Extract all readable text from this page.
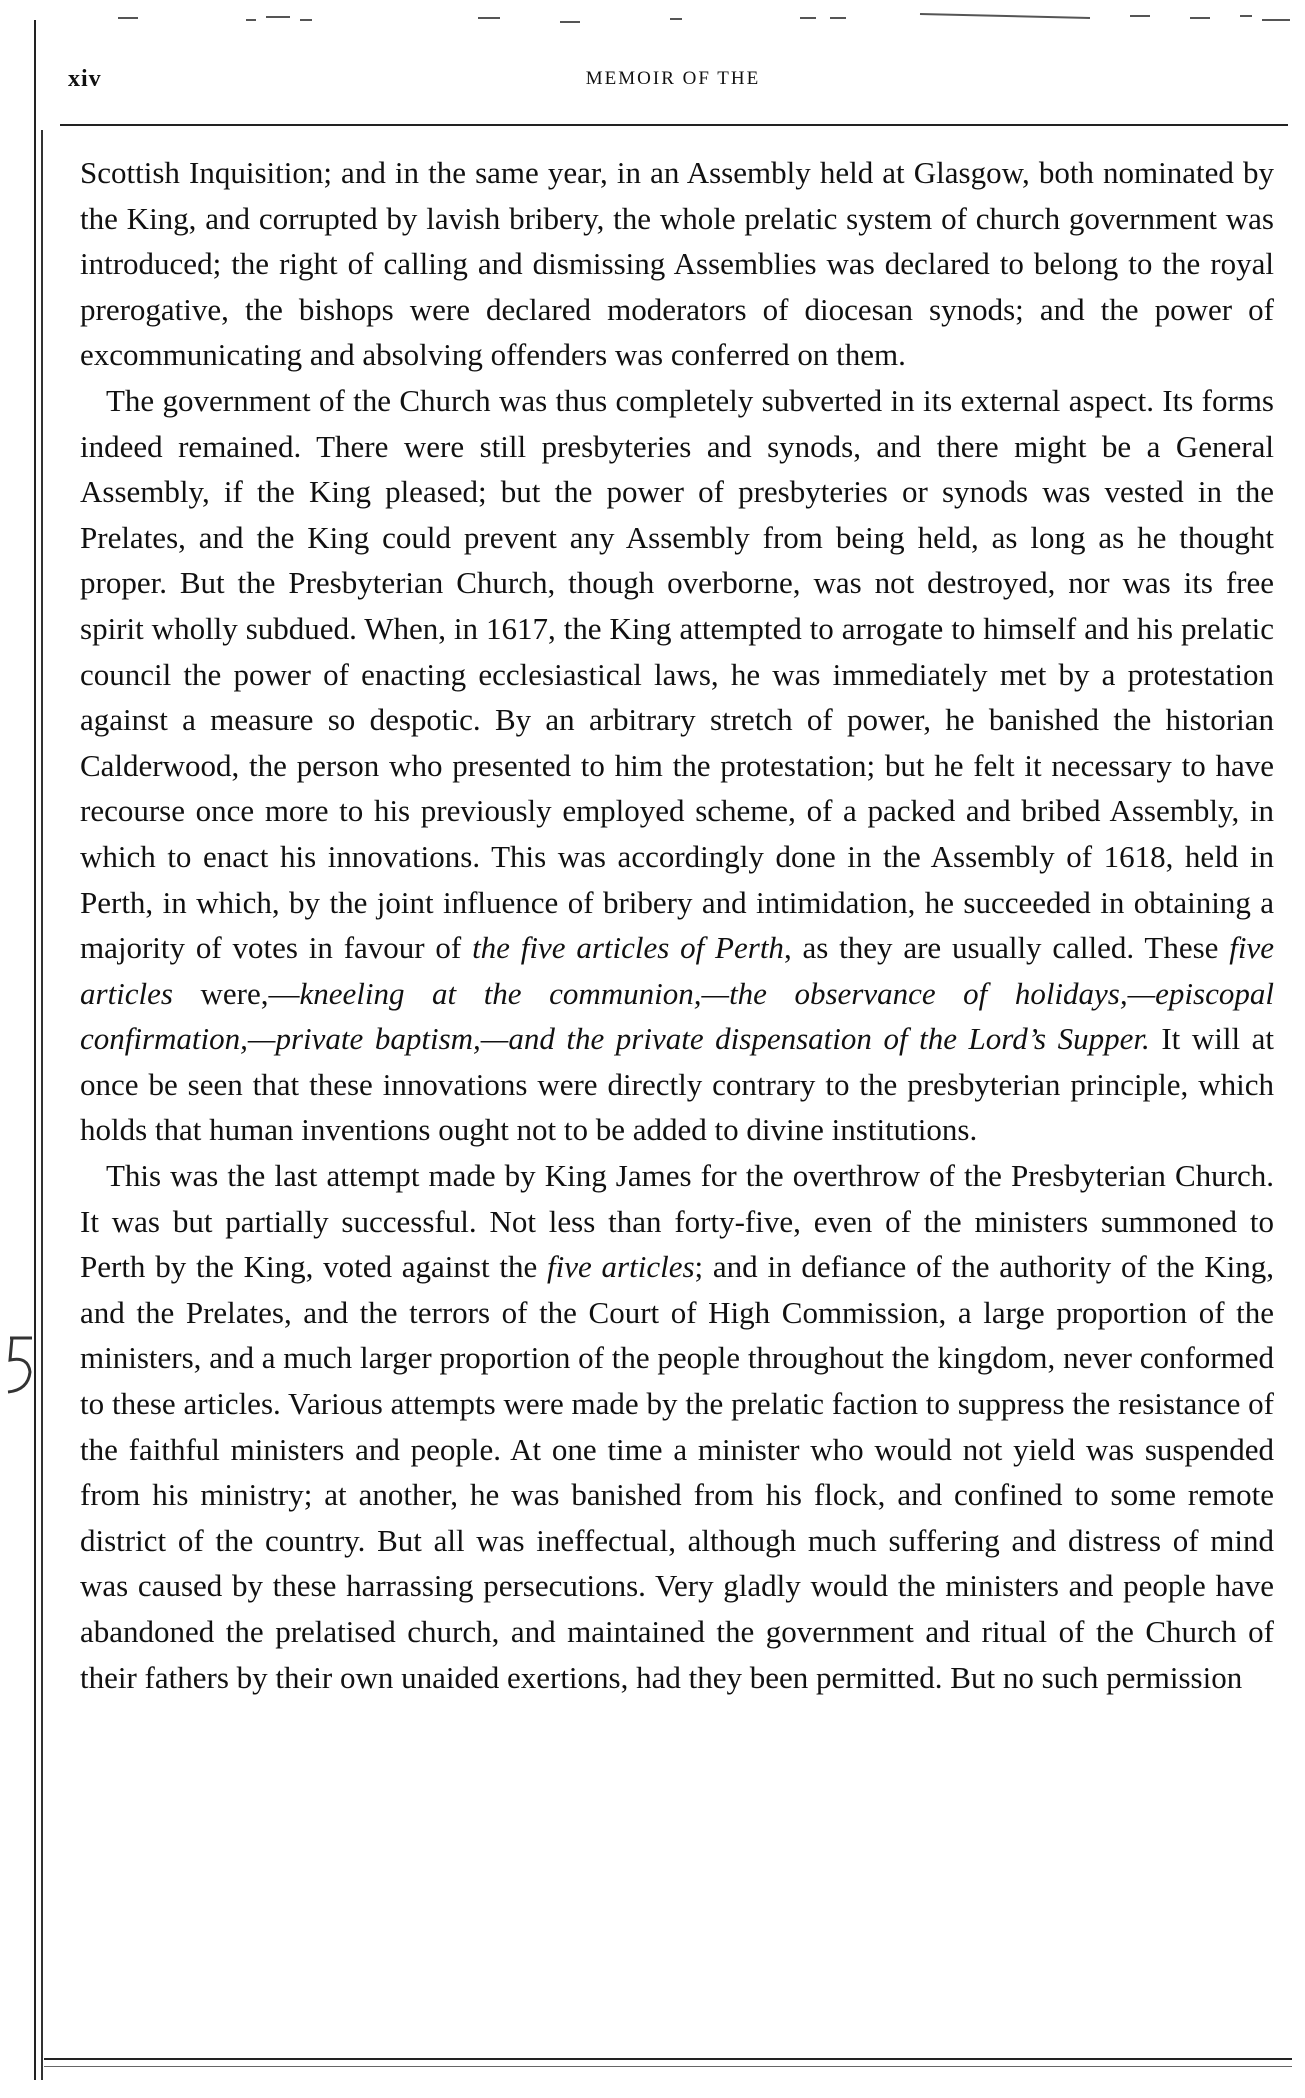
xiv	MEMOIR OF THE

Scottish Inquisition; and in the same year, in an Assembly held at Glasgow, both nominated by the King, and corrupted by lavish bribery, the whole prelatic system of church government was introduced; the right of calling and dismissing Assemblies was declared to belong to the royal prerogative, the bishops were declared moderators of diocesan synods; and the power of excommunicating and absolving offenders was conferred on them.

The government of the Church was thus completely subverted in its external aspect. Its forms indeed remained. There were still presbyteries and synods, and there might be a General Assembly, if the King pleased; but the power of presbyteries or synods was vested in the Prelates, and the King could prevent any Assembly from being held, as long as he thought proper. But the Presbyterian Church, though overborne, was not destroyed, nor was its free spirit wholly subdued. When, in 1617, the King attempted to arrogate to himself and his prelatic council the power of enacting ecclesiastical laws, he was immediately met by a protestation against a measure so despotic. By an arbitrary stretch of power, he banished the historian Calderwood, the person who presented to him the protestation; but he felt it necessary to have recourse once more to his previously employed scheme, of a packed and bribed Assembly, in which to enact his innovations. This was accordingly done in the Assembly of 1618, held in Perth, in which, by the joint influence of bribery and intimidation, he succeeded in obtaining a majority of votes in favour of the five articles of Perth, as they are usually called. These five articles were,—kneeling at the communion,—the observance of holidays,—episcopal confirmation,—private baptism,—and the private dispensation of the Lord’s Supper. It will at once be seen that these innovations were directly contrary to the presbyterian principle, which holds that human inventions ought not to be added to divine institutions.

This was the last attempt made by King James for the overthrow of the Presbyterian Church. It was but partially successful. Not less than forty-five, even of the ministers summoned to Perth by the King, voted against the five articles; and in defiance of the authority of the King, and the Prelates, and the terrors of the Court of High Commission, a large proportion of the ministers, and a much larger proportion of the people throughout the kingdom, never conformed to these articles. Various attempts were made by the prelatic faction to suppress the resistance of the faithful ministers and people. At one time a minister who would not yield was suspended from his ministry; at another, he was banished from his flock, and confined to some remote district of the country. But all was ineffectual, although much suffering and distress of mind was caused by these harrassing persecutions. Very gladly would the ministers and people have abandoned the prelatised church, and maintained the government and ritual of the Church of their fathers by their own unaided exertions, had they been permitted. But no such permission
